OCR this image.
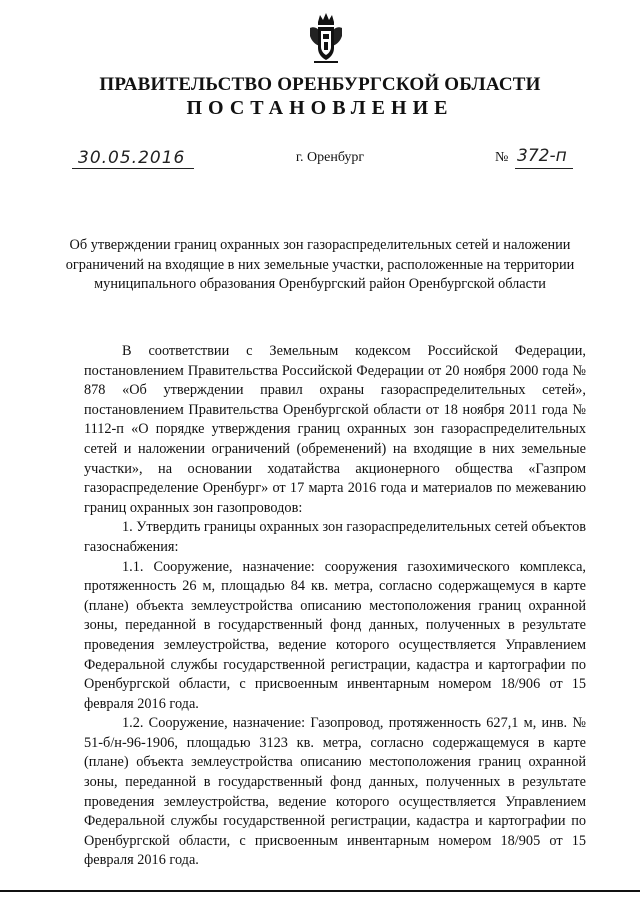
ПРАВИТЕЛЬСТВО ОРЕНБУРГСКОЙ ОБЛАСТИ
ПОСТАНОВЛЕНИЕ
30.05.2016	г. Оренбург	№ 372-п
Об утверждении границ охранных зон газораспределительных сетей и наложении ограничений на входящие в них земельные участки, расположенные на территории муниципального образования Оренбургский район Оренбургской области

В соответствии с Земельным кодексом Российской Федерации, постановлением Правительства Российской Федерации от 20 ноября 2000 года № 878 «Об утверждении правил охраны газораспределительных сетей», постановлением Правительства Оренбургской области от 18 ноября 2011 года № 1112-п «О порядке утверждения границ охранных зон газораспределительных сетей и наложении ограничений (обременений) на входящие в них земельные участки», на основании ходатайства акционерного общества «Газпром газораспределение Оренбург» от 17 марта 2016 года и материалов по межеванию границ охранных зон газопроводов:

1. Утвердить границы охранных зон газораспределительных сетей объектов газоснабжения:

1.1. Сооружение, назначение: сооружения газохимического комплекса, протяженность 26 м, площадью 84 кв. метра, согласно содержащемуся в карте (плане) объекта землеустройства описанию местоположения границ охранной зоны, переданной в государственный фонд данных, полученных в результате проведения землеустройства, ведение которого осуществляется Управлением Федеральной службы государственной регистрации, кадастра и картографии по Оренбургской области, с присвоенным инвентарным номером 18/906 от 15 февраля 2016 года.

1.2. Сооружение, назначение: Газопровод, протяженность 627,1 м, инв. № 51-б/н-96-1906, площадью 3123 кв. метра, согласно содержащемуся в карте (плане) объекта землеустройства описанию местоположения границ охранной зоны, переданной в государственный фонд данных, полученных в результате проведения землеустройства, ведение которого осуществляется Управлением Федеральной службы государственной регистрации, кадастра и картографии по Оренбургской области, с присвоенным инвентарным номером 18/905 от 15 февраля 2016 года.
